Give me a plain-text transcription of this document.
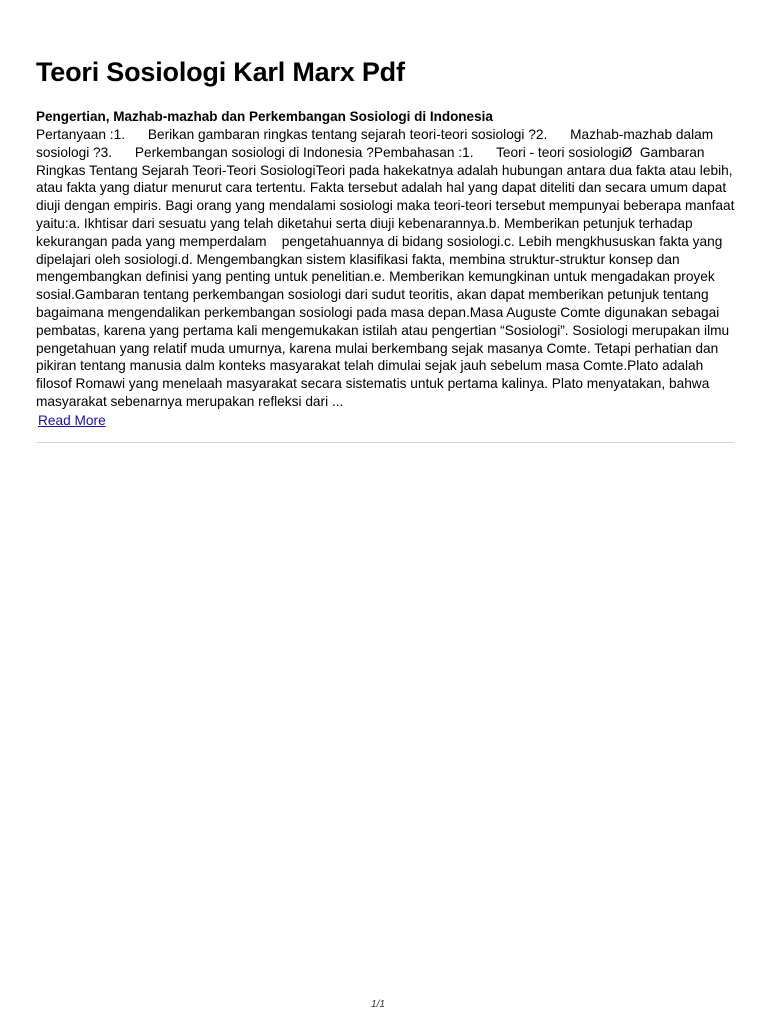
Teori Sosiologi Karl Marx Pdf
Pengertian, Mazhab-mazhab dan Perkembangan Sosiologi di Indonesia

Pertanyaan :1.      Berikan gambaran ringkas tentang sejarah teori-teori sosiologi ?2.      Mazhab-mazhab dalam sosiologi ?3.      Perkembangan sosiologi di Indonesia ?Pembahasan :1.      Teori - teori sosiologiØ  Gambaran Ringkas Tentang Sejarah Teori-Teori SosiologiTeori pada hakekatnya adalah hubungan antara dua fakta atau lebih, atau fakta yang diatur menurut cara tertentu. Fakta tersebut adalah hal yang dapat diteliti dan secara umum dapat diuji dengan empiris. Bagi orang yang mendalami sosiologi maka teori-teori tersebut mempunyai beberapa manfaat yaitu:a. Ikhtisar dari sesuatu yang telah diketahui serta diuji kebenarannya.b. Memberikan petunjuk terhadap kekurangan pada yang memperdalam    pengetahuannya di bidang sosiologi.c. Lebih mengkhususkan fakta yang dipelajari oleh sosiologi.d. Mengembangkan sistem klasifikasi fakta, membina struktur-struktur konsep dan    mengembangkan definisi yang penting untuk penelitian.e. Memberikan kemungkinan untuk mengadakan proyek sosial.Gambaran tentang perkembangan sosiologi dari sudut teoritis, akan dapat memberikan petunjuk tentang bagaimana mengendalikan perkembangan sosiologi pada masa depan.Masa Auguste Comte digunakan sebagai pembatas, karena yang pertama kali mengemukakan istilah atau pengertian “Sosiologi”. Sosiologi merupakan ilmu pengetahuan yang relatif muda umurnya, karena mulai berkembang sejak masanya Comte. Tetapi perhatian dan pikiran tentang manusia dalm konteks masyarakat telah dimulai sejak jauh sebelum masa Comte.Plato adalah filosof Romawi yang menelaah masyarakat secara sistematis untuk pertama kalinya. Plato menyatakan, bahwa masyarakat sebenarnya merupakan refleksi dari ...

Read More
1/1
